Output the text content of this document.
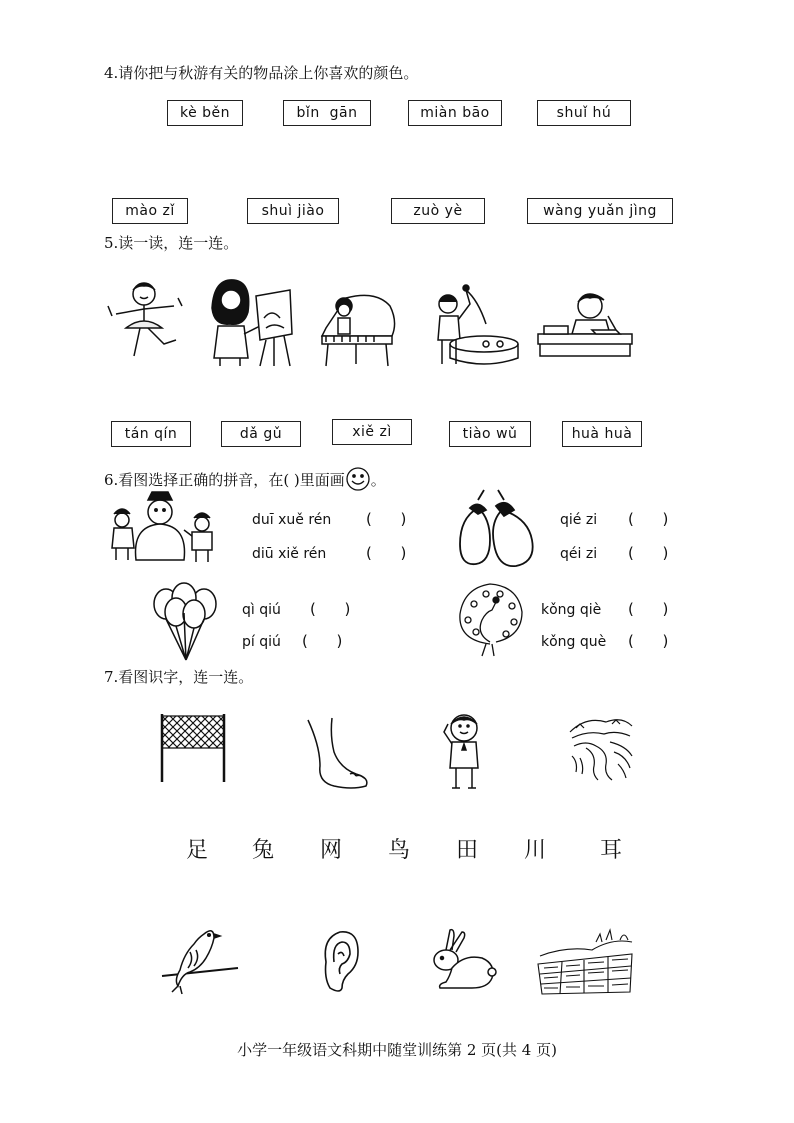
4.请你把与秋游有关的物品涂上你喜欢的颜色。
kè běn	bǐn  gān	miàn bāo	shuǐ hú
mào zǐ	shuì jiào	zuò yè	wàng yuǎn jìng
5.读一读，连一连。
tán qín	dǎ gǔ	xiě zì	tiào wǔ	huà huà
6.看图选择正确的拼音，在( )里面画 。
duī xuě rén (      )
diū xiě rén	(      )
qié zi (      )
qéi zi (      )
qì qiú (      )
pí qiú (      )
kǒng qiè (      )
kǒng què (      )
7.看图识字，连一连。
足 兔 网 鸟 田 川 耳
小学一年级语文科期中随堂训练第 2 页(共 4 页)
